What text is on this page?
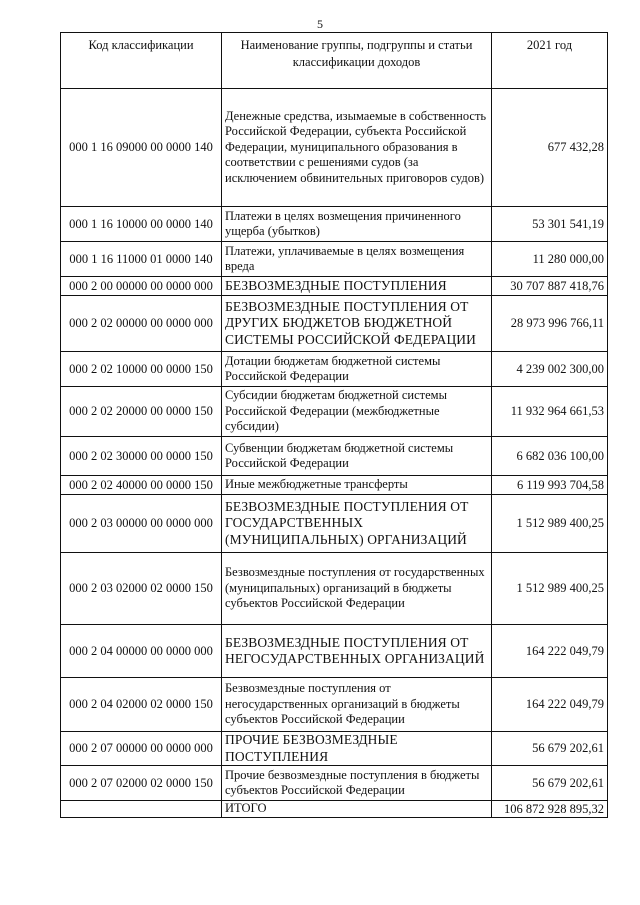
5
Код классификации	Наименование группы, подгруппы и статьи классификации доходов	2021 год
000 1 16 09000 00 0000 140	Денежные средства, изымаемые в собственность Российской Федерации, субъекта Российской Федерации, муниципального образования в соответствии с решениями судов (за исключением обвинительных приговоров судов)	677 432,28
000 1 16 10000 00 0000 140	Платежи в целях возмещения причиненного ущерба (убытков)	53 301 541,19
000 1 16 11000 01 0000 140	Платежи, уплачиваемые в целях возмещения вреда	11 280 000,00
000 2 00 00000 00 0000 000	БЕЗВОЗМЕЗДНЫЕ ПОСТУПЛЕНИЯ	30 707 887 418,76
000 2 02 00000 00 0000 000	БЕЗВОЗМЕЗДНЫЕ ПОСТУПЛЕНИЯ ОТ ДРУГИХ БЮДЖЕТОВ БЮДЖЕТНОЙ СИСТЕМЫ РОССИЙСКОЙ ФЕДЕРАЦИИ	28 973 996 766,11
000 2 02 10000 00 0000 150	Дотации бюджетам бюджетной системы Российской Федерации	4 239 002 300,00
000 2 02 20000 00 0000 150	Субсидии бюджетам бюджетной системы Российской Федерации (межбюджетные субсидии)	11 932 964 661,53
000 2 02 30000 00 0000 150	Субвенции бюджетам бюджетной системы Российской Федерации	6 682 036 100,00
000 2 02 40000 00 0000 150	Иные межбюджетные трансферты	6 119 993 704,58
000 2 03 00000 00 0000 000	БЕЗВОЗМЕЗДНЫЕ ПОСТУПЛЕНИЯ ОТ ГОСУДАРСТВЕННЫХ (МУНИЦИПАЛЬНЫХ) ОРГАНИЗАЦИЙ	1 512 989 400,25
000 2 03 02000 02 0000 150	Безвозмездные поступления от государственных (муниципальных) организаций в бюджеты субъектов Российской Федерации	1 512 989 400,25
000 2 04 00000 00 0000 000	БЕЗВОЗМЕЗДНЫЕ ПОСТУПЛЕНИЯ ОТ НЕГОСУДАРСТВЕННЫХ ОРГАНИЗАЦИЙ	164 222 049,79
000 2 04 02000 02 0000 150	Безвозмездные поступления от негосударственных организаций в бюджеты субъектов Российской Федерации	164 222 049,79
000 2 07 00000 00 0000 000	ПРОЧИЕ БЕЗВОЗМЕЗДНЫЕ ПОСТУПЛЕНИЯ	56 679 202,61
000 2 07 02000 02 0000 150	Прочие безвозмездные поступления в бюджеты субъектов Российской Федерации	56 679 202,61
	ИТОГО	106 872 928 895,32
